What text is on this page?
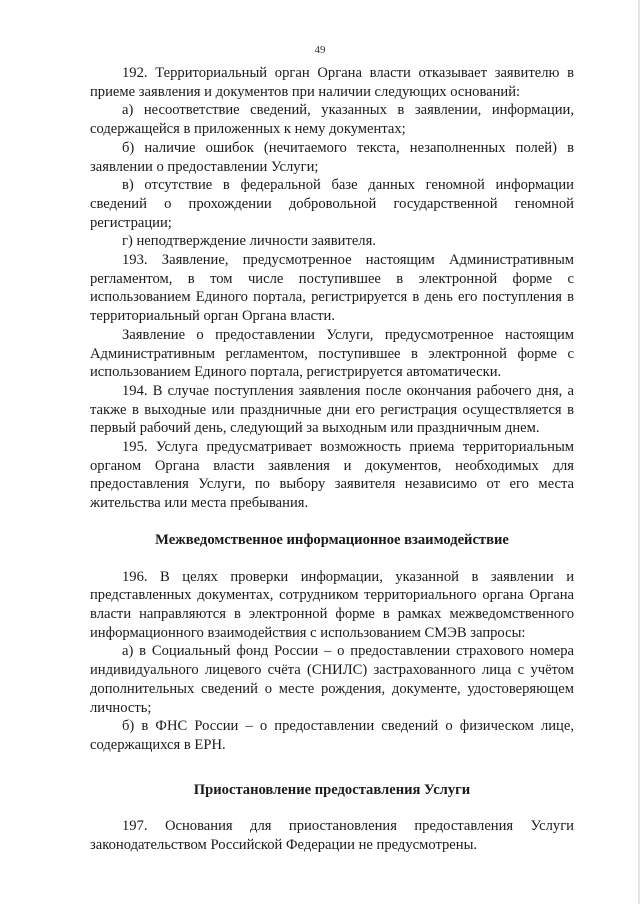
49

192. Территориальный орган Органа власти отказывает заявителю в приеме заявления и документов при наличии следующих оснований:

а) несоответствие сведений, указанных в заявлении, информации, содержащейся в приложенных к нему документах;

б) наличие ошибок (нечитаемого текста, незаполненных полей) в заявлении о предоставлении Услуги;

в) отсутствие в федеральной базе данных геномной информации сведений о прохождении добровольной государственной геномной регистрации;

г) неподтверждение личности заявителя.

193. Заявление, предусмотренное настоящим Административным регламентом, в том числе поступившее в электронной форме с использованием Единого портала, регистрируется в день его поступления в территориальный орган Органа власти.

Заявление о предоставлении Услуги, предусмотренное настоящим Административным регламентом, поступившее в электронной форме с использованием Единого портала, регистрируется автоматически.

194. В случае поступления заявления после окончания рабочего дня, а также в выходные или праздничные дни его регистрация осуществляется в первый рабочий день, следующий за выходным или праздничным днем.

195. Услуга предусматривает возможность приема территориальным органом Органа власти заявления и документов, необходимых для предоставления Услуги, по выбору заявителя независимо от его места жительства или места пребывания.

Межведомственное информационное взаимодействие

196. В целях проверки информации, указанной в заявлении и представленных документах, сотрудником территориального органа Органа власти направляются в электронной форме в рамках межведомственного информационного взаимодействия с использованием СМЭВ запросы:

а) в Социальный фонд России – о предоставлении страхового номера индивидуального лицевого счёта (СНИЛС) застрахованного лица с учётом дополнительных сведений о месте рождения, документе, удостоверяющем личность;

б) в ФНС России – о предоставлении сведений о физическом лице, содержащихся в ЕРН.

Приостановление предоставления Услуги

197. Основания для приостановления предоставления Услуги законодательством Российской Федерации не предусмотрены.
